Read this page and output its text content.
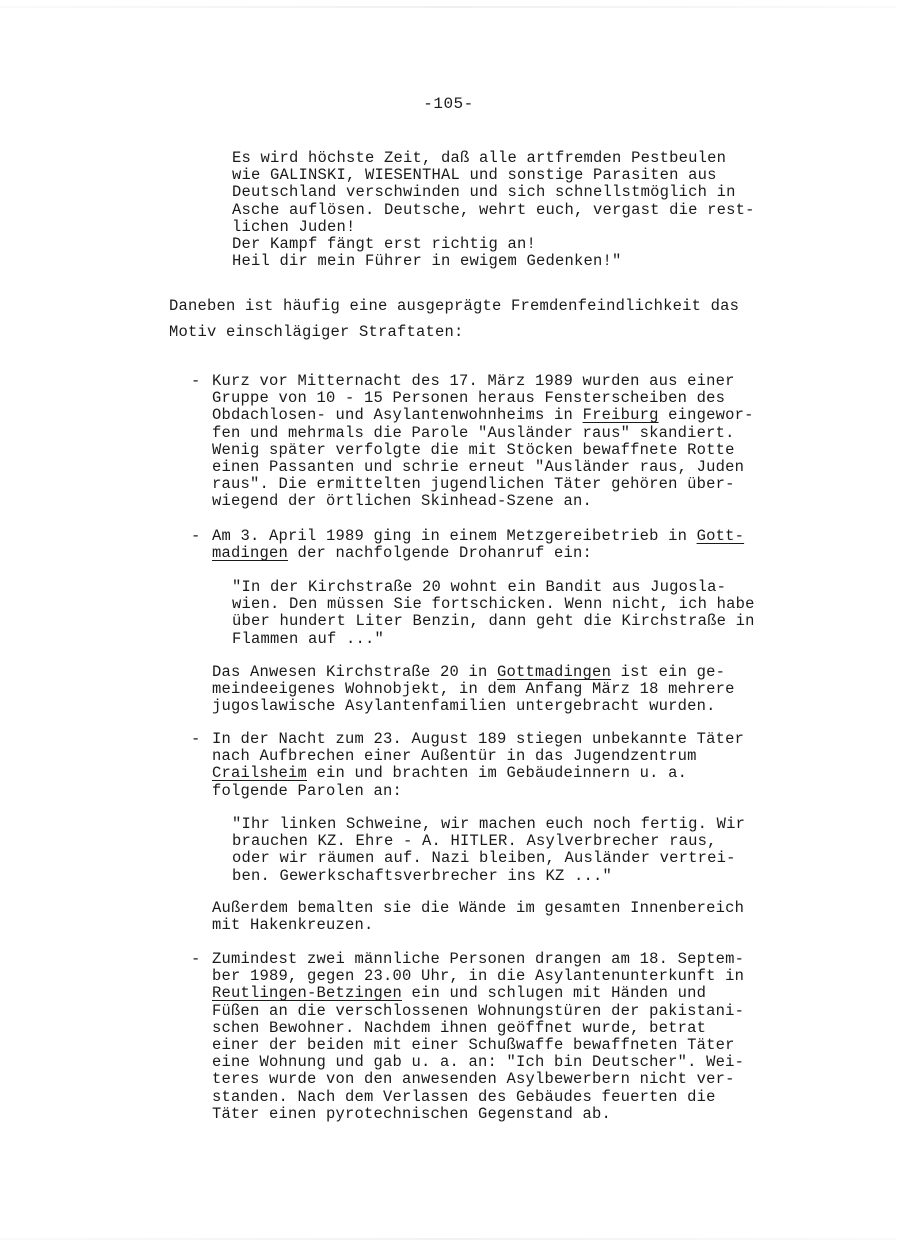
-105-
Es wird höchste Zeit, daß alle artfremden Pestbeulen
wie GALINSKI, WIESENTHAL und sonstige Parasiten aus
Deutschland verschwinden und sich schnellstmöglich in
Asche auflösen. Deutsche, wehrt euch, vergast die rest-
lichen Juden!
Der Kampf fängt erst richtig an!
Heil dir mein Führer in ewigem Gedenken!"
Daneben ist häufig eine ausgeprägte Fremdenfeindlichkeit das
Motiv einschlägiger Straftaten:
- Kurz vor Mitternacht des 17. März 1989 wurden aus einer
Gruppe von 10 - 15 Personen heraus Fensterscheiben des
Obdachlosen- und Asylantenwohnheims in Freiburg eingewor-
fen und mehrmals die Parole "Ausländer raus" skandiert.
Wenig später verfolgte die mit Stöcken bewaffnete Rotte
einen Passanten und schrie erneut "Ausländer raus, Juden
raus". Die ermittelten jugendlichen Täter gehören über-
wiegend der örtlichen Skinhead-Szene an.
- Am 3. April 1989 ging in einem Metzgereibetrieb in Gott-
madingen der nachfolgende Drohanruf ein:
"In der Kirchstraße 20 wohnt ein Bandit aus Jugosla-
wien. Den müssen Sie fortschicken. Wenn nicht, ich habe
über hundert Liter Benzin, dann geht die Kirchstraße in
Flammen auf ..."
Das Anwesen Kirchstraße 20 in Gottmadingen ist ein ge-
meindeeigenes Wohnobjekt, in dem Anfang März 18 mehrere
jugoslawische Asylantenfamilien untergebracht wurden.
- In der Nacht zum 23. August 189 stiegen unbekannte Täter
nach Aufbrechen einer Außentür in das Jugendzentrum
Crailsheim ein und brachten im Gebäudeinnern u. a.
folgende Parolen an:
"Ihr linken Schweine, wir machen euch noch fertig. Wir
brauchen KZ. Ehre - A. HITLER. Asylverbrecher raus,
oder wir räumen auf. Nazi bleiben, Ausländer vertrei-
ben. Gewerkschaftsverbrecher ins KZ ..."
Außerdem bemalten sie die Wände im gesamten Innenbereich
mit Hakenkreuzen.
- Zumindest zwei männliche Personen drangen am 18. Septem-
ber 1989, gegen 23.00 Uhr, in die Asylantenunterkunft in
Reutlingen-Betzingen ein und schlugen mit Händen und
Füßen an die verschlossenen Wohnungstüren der pakistani-
schen Bewohner. Nachdem ihnen geöffnet wurde, betrat
einer der beiden mit einer Schußwaffe bewaffneten Täter
eine Wohnung und gab u. a. an: "Ich bin Deutscher". Wei-
teres wurde von den anwesenden Asylbewerbern nicht ver-
standen. Nach dem Verlassen des Gebäudes feuerten die
Täter einen pyrotechnischen Gegenstand ab.
